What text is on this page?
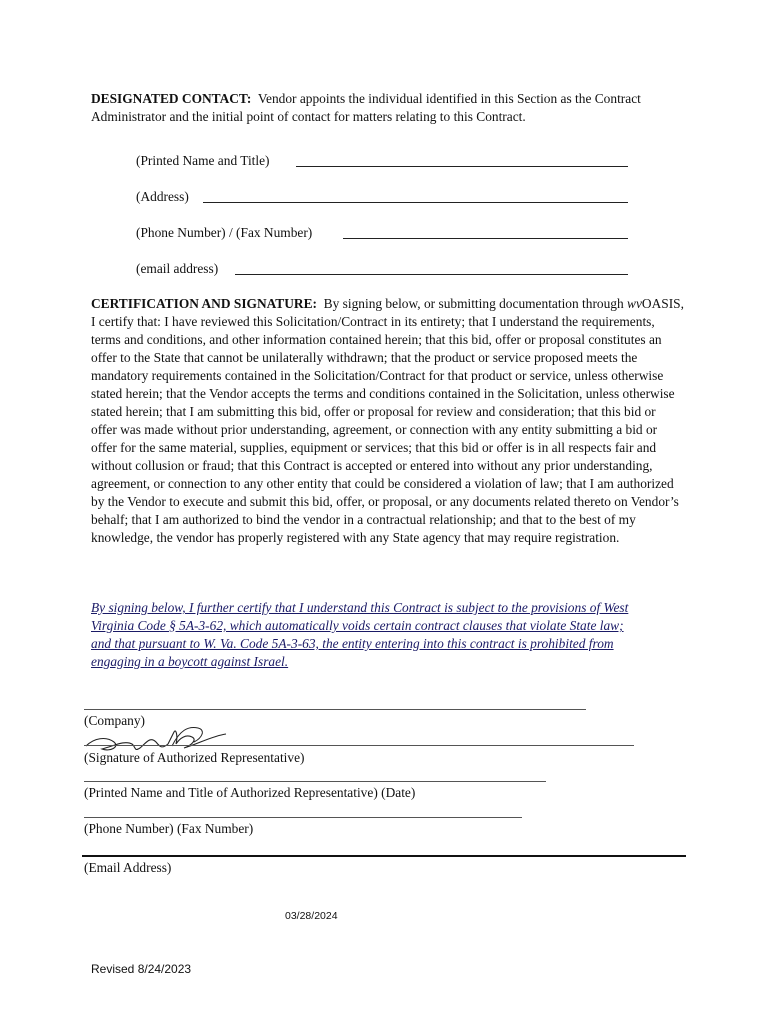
DESIGNATED CONTACT: Vendor appoints the individual identified in this Section as the Contract Administrator and the initial point of contact for matters relating to this Contract.
(Printed Name and Title)
(Address)
(Phone Number) / (Fax Number)
(email address)
CERTIFICATION AND SIGNATURE: By signing below, or submitting documentation through wvOASIS, I certify that: I have reviewed this Solicitation/Contract in its entirety; that I understand the requirements, terms and conditions, and other information contained herein; that this bid, offer or proposal constitutes an offer to the State that cannot be unilaterally withdrawn; that the product or service proposed meets the mandatory requirements contained in the Solicitation/Contract for that product or service, unless otherwise stated herein; that the Vendor accepts the terms and conditions contained in the Solicitation, unless otherwise stated herein; that I am submitting this bid, offer or proposal for review and consideration; that this bid or offer was made without prior understanding, agreement, or connection with any entity submitting a bid or offer for the same material, supplies, equipment or services; that this bid or offer is in all respects fair and without collusion or fraud; that this Contract is accepted or entered into without any prior understanding, agreement, or connection to any other entity that could be considered a violation of law; that I am authorized by the Vendor to execute and submit this bid, offer, or proposal, or any documents related thereto on Vendor’s behalf; that I am authorized to bind the vendor in a contractual relationship; and that to the best of my knowledge, the vendor has properly registered with any State agency that may require registration.
By signing below, I further certify that I understand this Contract is subject to the provisions of West Virginia Code § 5A-3-62, which automatically voids certain contract clauses that violate State law; and that pursuant to W. Va. Code 5A-3-63, the entity entering into this contract is prohibited from engaging in a boycott against Israel.
(Company)
(Signature of Authorized Representative)
(Printed Name and Title of Authorized Representative) (Date)
(Phone Number) (Fax Number)
(Email Address)
03/28/2024
Revised 8/24/2023
